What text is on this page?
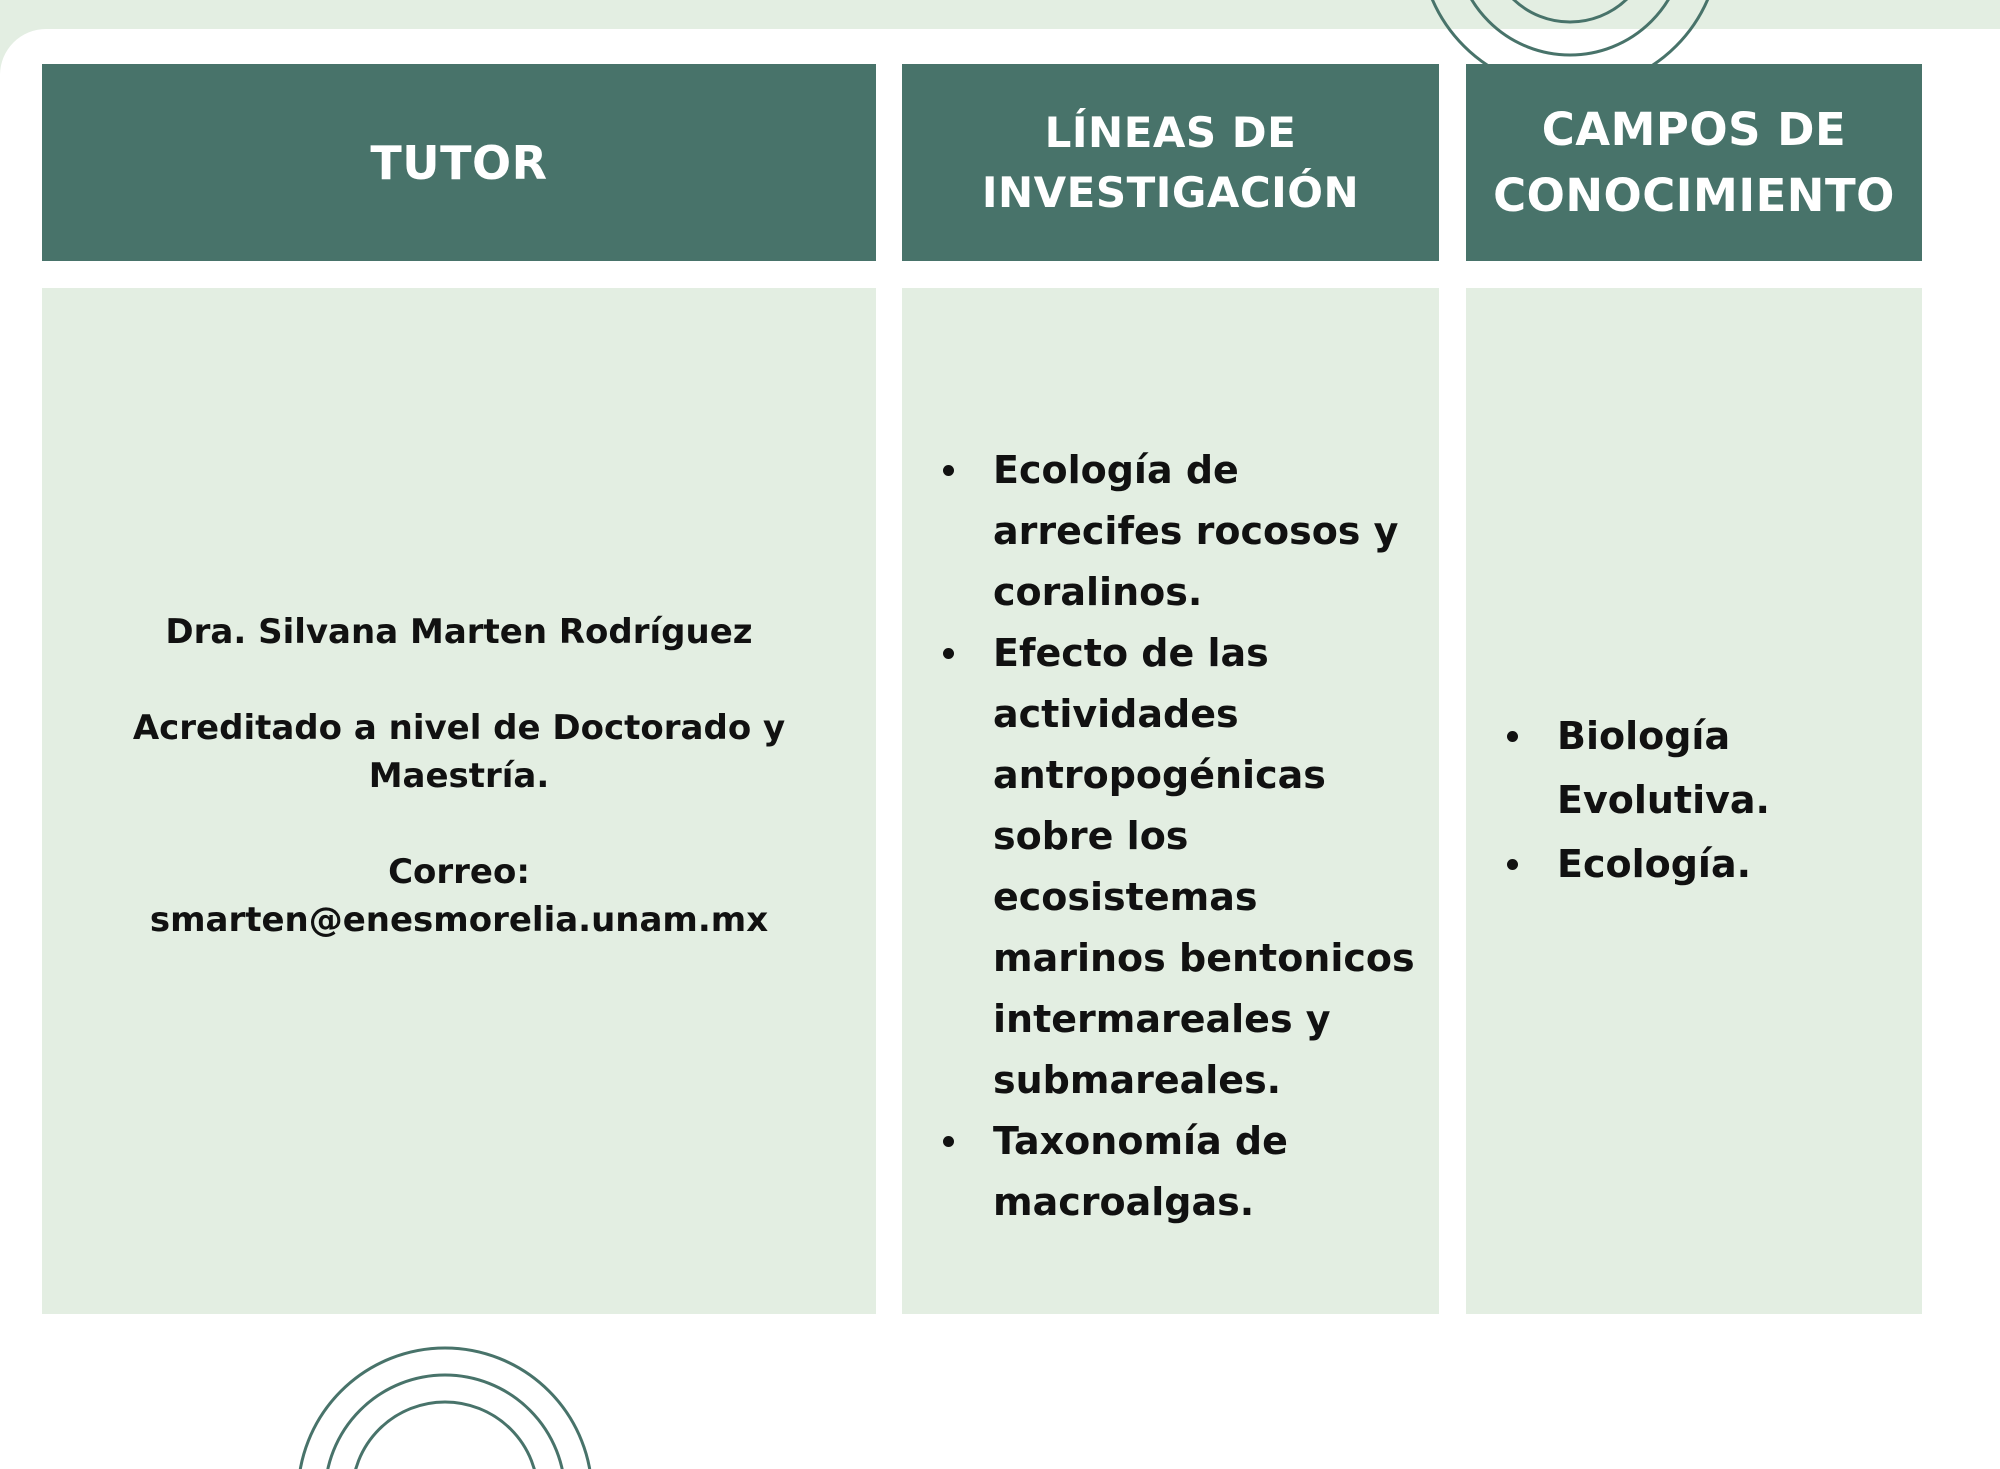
TUTOR
LÍNEAS DE
INVESTIGACIÓN
CAMPOS DE
CONOCIMIENTO
Dra. Silvana Marten Rodríguez
Acreditado a nivel de Doctorado y Maestría.
Correo:
smarten@enesmorelia.unam.mx
Ecología de arrecifes rocosos y coralinos.
Efecto de las actividades antropogénicas sobre los ecosistemas marinos bentonicos intermareales y submareales.
Taxonomía de macroalgas.
Biología Evolutiva.
Ecología.
